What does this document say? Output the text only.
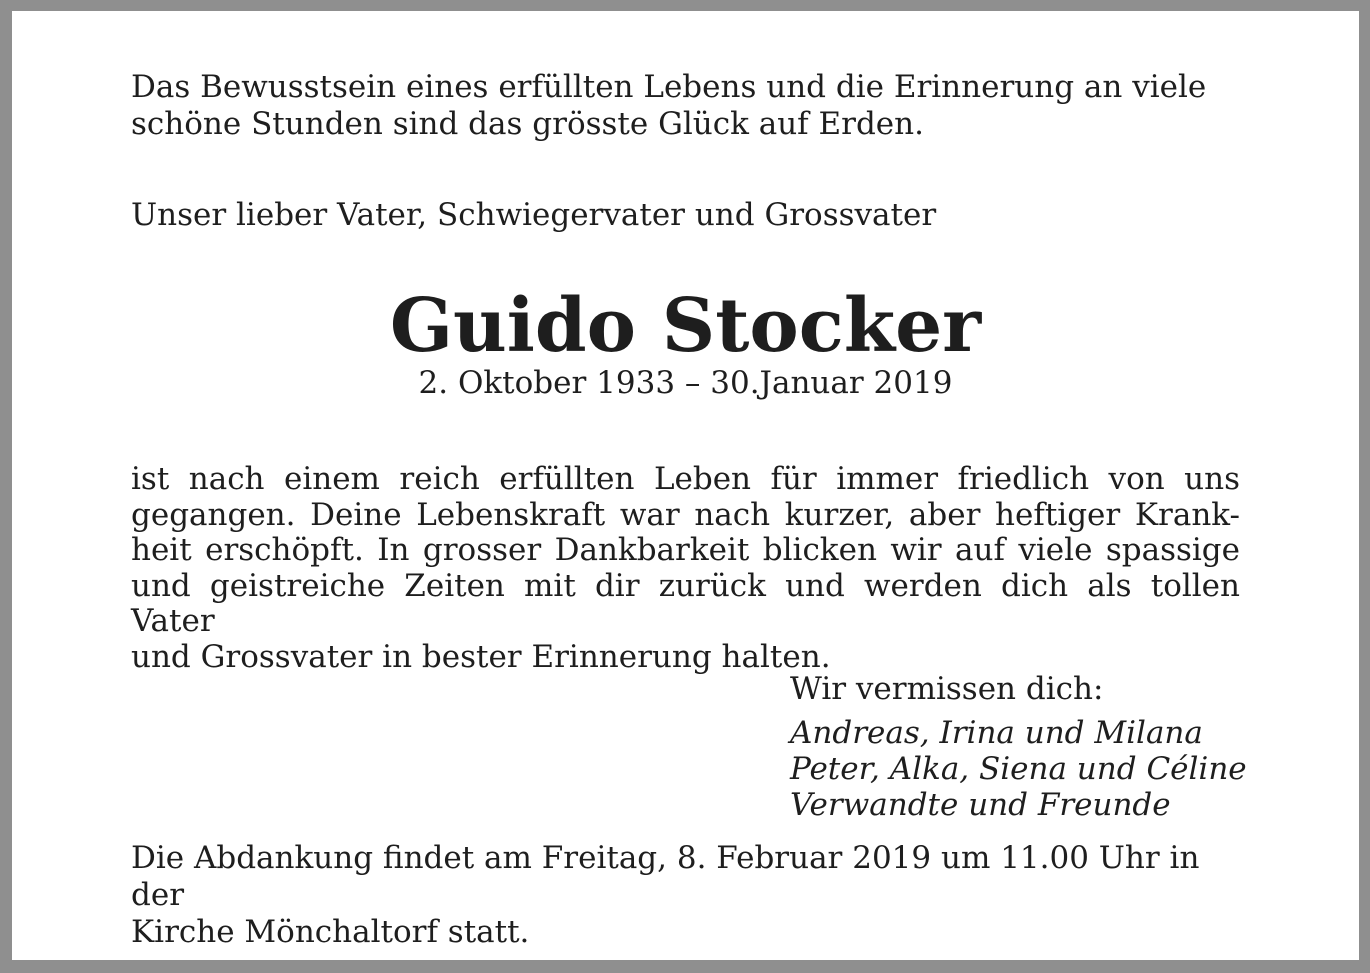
Das Bewusstsein eines erfüllten Lebens und die Erinnerung an viele
schöne Stunden sind das grösste Glück auf Erden.
Unser lieber Vater, Schwiegervater und Grossvater
Guido Stocker
2. Oktober 1933 – 30.Januar 2019
ist nach einem reich erfüllten Leben für immer friedlich von uns
gegangen. Deine Lebenskraft war nach kurzer, aber heftiger Krank-
heit erschöpft. In grosser Dankbarkeit blicken wir auf viele spassige
und geistreiche Zeiten mit dir zurück und werden dich als tollen Vater
und Grossvater in bester Erinnerung halten.
Wir vermissen dich:
Andreas, Irina und Milana
Peter, Alka, Siena und Céline
Verwandte und Freunde
Die Abdankung findet am Freitag, 8. Februar 2019 um 11.00 Uhr in der
Kirche Mönchaltorf statt.
